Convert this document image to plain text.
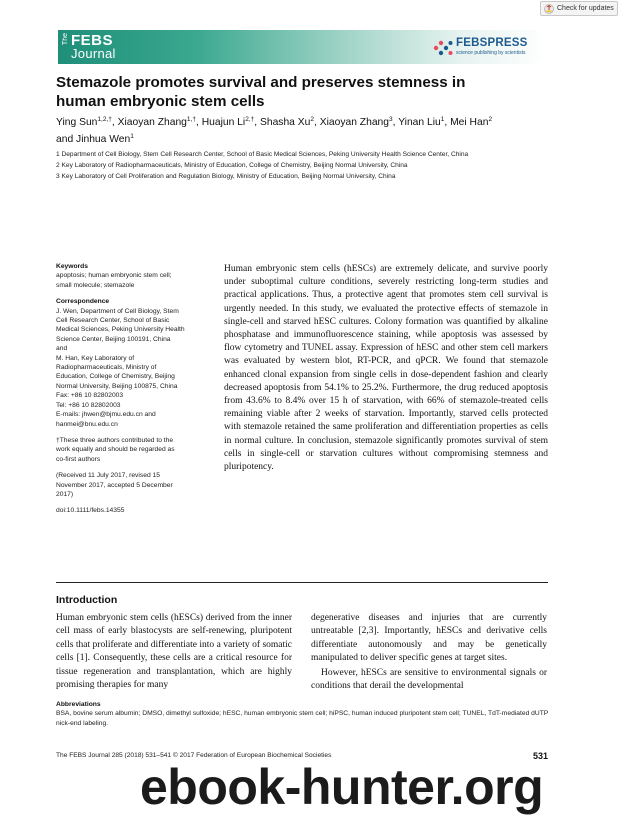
Check for updates
The FEBS
Journal
FEBSPRESS
science publishing by scientists
Stemazole promotes survival and preserves stemness in
human embryonic stem cells
Ying Sun$^{1,2,\dagger}$, Xiaoyan Zhang$^{1,\dagger}$, Huajun $Li^{2,\dagger}$, Shasha Xu$^2$, Xiaoyan Zhang$^3$, Yinan Liu$^1$, Mei Han$^2$
and Jinhua Wen$^1$
1 Department of Cell Biology, Stem Cell Research Center, School of Basic Medical Sciences, Peking University Health Science Center, China
2 Key Laboratory of Radiopharmaceuticals, Ministry of Education, College of Chemistry, Beijing Normal University, China
3 Key Laboratory of Cell Proliferation and Regulation Biology, Ministry of Education, Beijing Normal University, China
Keywords
apoptosis; human embryonic stem cell;
small molecule; stemazole
Correspondence
J. Wen, Department of Cell Biology, Stem
Cell Research Center, School of Basic
Medical Sciences, Peking University Health
Science Center, Beijing 100191, China
and
M. Han, Key Laboratory of
Radiopharmaceuticals, Ministry of
Education, College of Chemistry, Beijing
Normal University, Beijing 100875, China
Fax: +86 10 82802003
Tel: +86 10 82802003
E-mails: jhwen@bjmu.edu.cn and
hanmei@bnu.edu.cn
†These three authors contributed to the
work equally and should be regarded as
co-first authors
(Received 11 July 2017, revised 15
November 2017, accepted 5 December
2017)
doi:10.1111/febs.14355
Human embryonic stem cells (hESCs) are extremely delicate, and survive poorly under suboptimal culture conditions, severely restricting long-term studies and practical applications. Thus, a protective agent that promotes stem cell survival is urgently needed. In this study, we evaluated the protective effects of stemazole in single-cell and starved hESC cultures. Colony formation was quantified by alkaline phosphatase and immunofluorescence staining, while apoptosis was assessed by flow cytometry and TUNEL assay. Expression of hESC and other stem cell markers was evaluated by western blot, RT-PCR, and qPCR. We found that stemazole enhanced clonal expansion from single cells in dose-dependent fashion and clearly decreased apoptosis from 54.1% to 25.2%. Furthermore, the drug reduced apoptosis from 43.6% to 8.4% over 15 h of starvation, with 66% of stemazole-treated cells remaining viable after 2 weeks of starvation. Importantly, starved cells protected with stemazole retained the same proliferation and differentiation properties as cells in normal culture. In conclusion, stemazole significantly promotes survival of stem cells in single-cell or starvation cultures without compromising stemness and pluripotency.
Introduction
Human embryonic stem cells (hESCs) derived from the inner cell mass of early blastocysts are self-renewing, pluripotent cells that proliferate and differentiate into a variety of somatic cells [1]. Consequently, these cells are a critical resource for tissue regeneration and transplantation, which are highly promising therapies for many
degenerative diseases and injuries that are currently untreatable [2,3]. Importantly, hESCs and derivative cells differentiate autonomously and may be genetically manipulated to deliver specific genes at target sites.
However, hESCs are sensitive to environmental signals or conditions that derail the developmental
Abbreviations
BSA, bovine serum albumin; DMSO, dimethyl sulfoxide; hESC, human embryonic stem cell; hiPSC, human induced pluripotent stem cell; TUNEL, TdT-mediated dUTP nick-end labeling.
The FEBS Journal 285 (2018) 531–541 © 2017 Federation of European Biochemical Societies	531
ebook-hunter.org
